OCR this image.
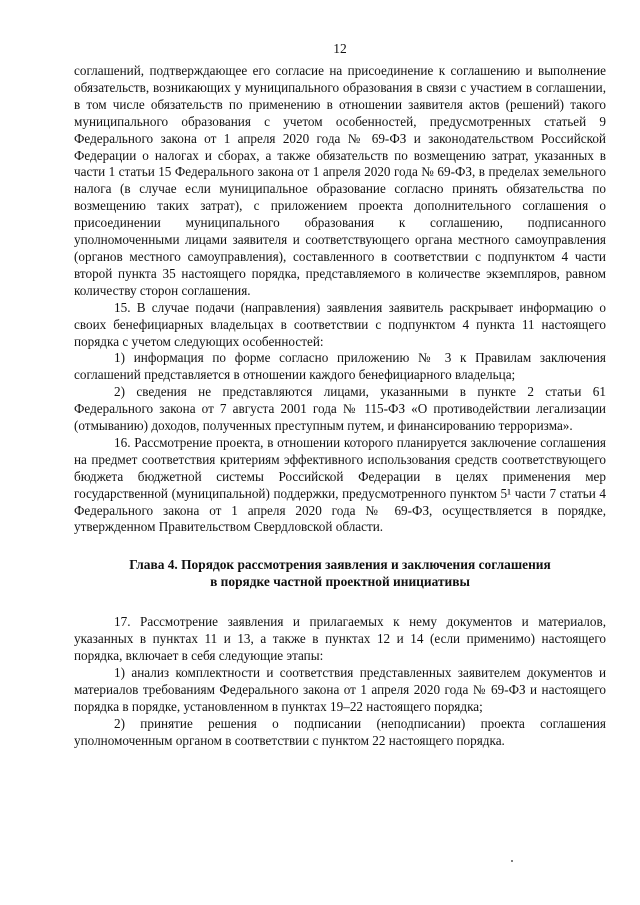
12

соглашений, подтверждающее его согласие на присоединение к соглашению и выполнение обязательств, возникающих у муниципального образования в связи с участием в соглашении, в том числе обязательств по применению в отношении заявителя актов (решений) такого муниципального образования с учетом особенностей, предусмотренных статьей 9 Федерального закона от 1 апреля 2020 года № 69-ФЗ и законодательством Российской Федерации о налогах и сборах, а также обязательств по возмещению затрат, указанных в части 1 статьи 15 Федерального закона от 1 апреля 2020 года № 69-ФЗ, в пределах земельного налога (в случае если муниципальное образование согласно принять обязательства по возмещению таких затрат), с приложением проекта дополнительного соглашения о присоединении муниципального образования к соглашению, подписанного уполномоченными лицами заявителя и соответствующего органа местного самоуправления (органов местного самоуправления), составленного в соответствии с подпунктом 4 части второй пункта 35 настоящего порядка, представляемого в количестве экземпляров, равном количеству сторон соглашения.

15. В случае подачи (направления) заявления заявитель раскрывает информацию о своих бенефициарных владельцах в соответствии с подпунктом 4 пункта 11 настоящего порядка с учетом следующих особенностей:

1) информация по форме согласно приложению № 3 к Правилам заключения соглашений представляется в отношении каждого бенефициарного владельца;

2) сведения не представляются лицами, указанными в пункте 2 статьи 61 Федерального закона от 7 августа 2001 года № 115-ФЗ «О противодействии легализации (отмыванию) доходов, полученных преступным путем, и финансированию терроризма».

16. Рассмотрение проекта, в отношении которого планируется заключение соглашения на предмет соответствия критериям эффективного использования средств соответствующего бюджета бюджетной системы Российской Федерации в целях применения мер государственной (муниципальной) поддержки, предусмотренного пунктом 5¹ части 7 статьи 4 Федерального закона от 1 апреля 2020 года № 69-ФЗ, осуществляется в порядке, утвержденном Правительством Свердловской области.

Глава 4. Порядок рассмотрения заявления и заключения соглашения
в порядке частной проектной инициативы

17. Рассмотрение заявления и прилагаемых к нему документов и материалов, указанных в пунктах 11 и 13, а также в пунктах 12 и 14 (если применимо) настоящего порядка, включает в себя следующие этапы:

1) анализ комплектности и соответствия представленных заявителем документов и материалов требованиям Федерального закона от 1 апреля 2020 года № 69-ФЗ и настоящего порядка в порядке, установленном в пунктах 19–22 настоящего порядка;

2) принятие решения о подписании (неподписании) проекта соглашения уполномоченным органом в соответствии с пунктом 22 настоящего порядка.
